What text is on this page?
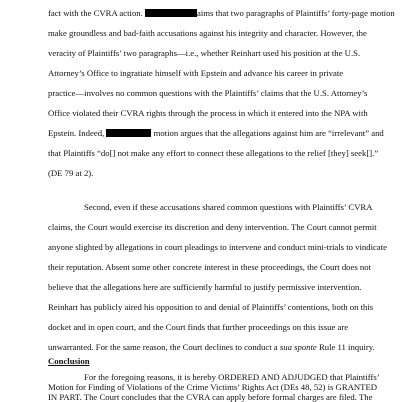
fact with the CVRA action.	aims that two paragraphs of Plaintiffs’ forty-page motion
make groundless and bad-faith accusations against his integrity and character. However, the
veracity of Plaintiffs’ two paragraphs—i.e., whether Reinhart used his position at the U.S.
Attorney’s Office to ingratiate himself with Epstein and advance his career in private
practice—involves no common questions with the Plaintiffs’ claims that the U.S. Attorney’s
Office violated their CVRA rights through the process in which it entered into the NPA with
Epstein. Indeed,	motion argues that the allegations against him are “irrelevant” and
that Plaintiffs “do[] not make any effort to connect these allegations to the relief [they] seek[].”
(DE 79 at 2).
Second, even if these accusations shared common questions with Plaintiffs’ CVRA
claims, the Court would exercise its discretion and deny intervention. The Court cannot permit
anyone slighted by allegations in court pleadings to intervene and conduct mini-trials to vindicate
their reputation. Absent some other concrete interest in these proceedings, the Court does not
believe that the allegations here are sufficiently harmful to justify permissive intervention.
Reinhart has publicly aired his opposition to and denial of Plaintiffs’ contentions, both on this
docket and in open court, and the Court finds that further proceedings on this issue are
unwarranted. For the same reason, the Court declines to conduct a sua sponte Rule 11 inquiry.
Conclusion
For the foregoing reasons, it is hereby ORDERED AND ADJUDGED that Plaintiffs’
Motion for Finding of Violations of the Crime Victims’ Rights Act (DEs 48, 52) is GRANTED
IN PART. The Court concludes that the CVRA can apply before formal charges are filed. The
